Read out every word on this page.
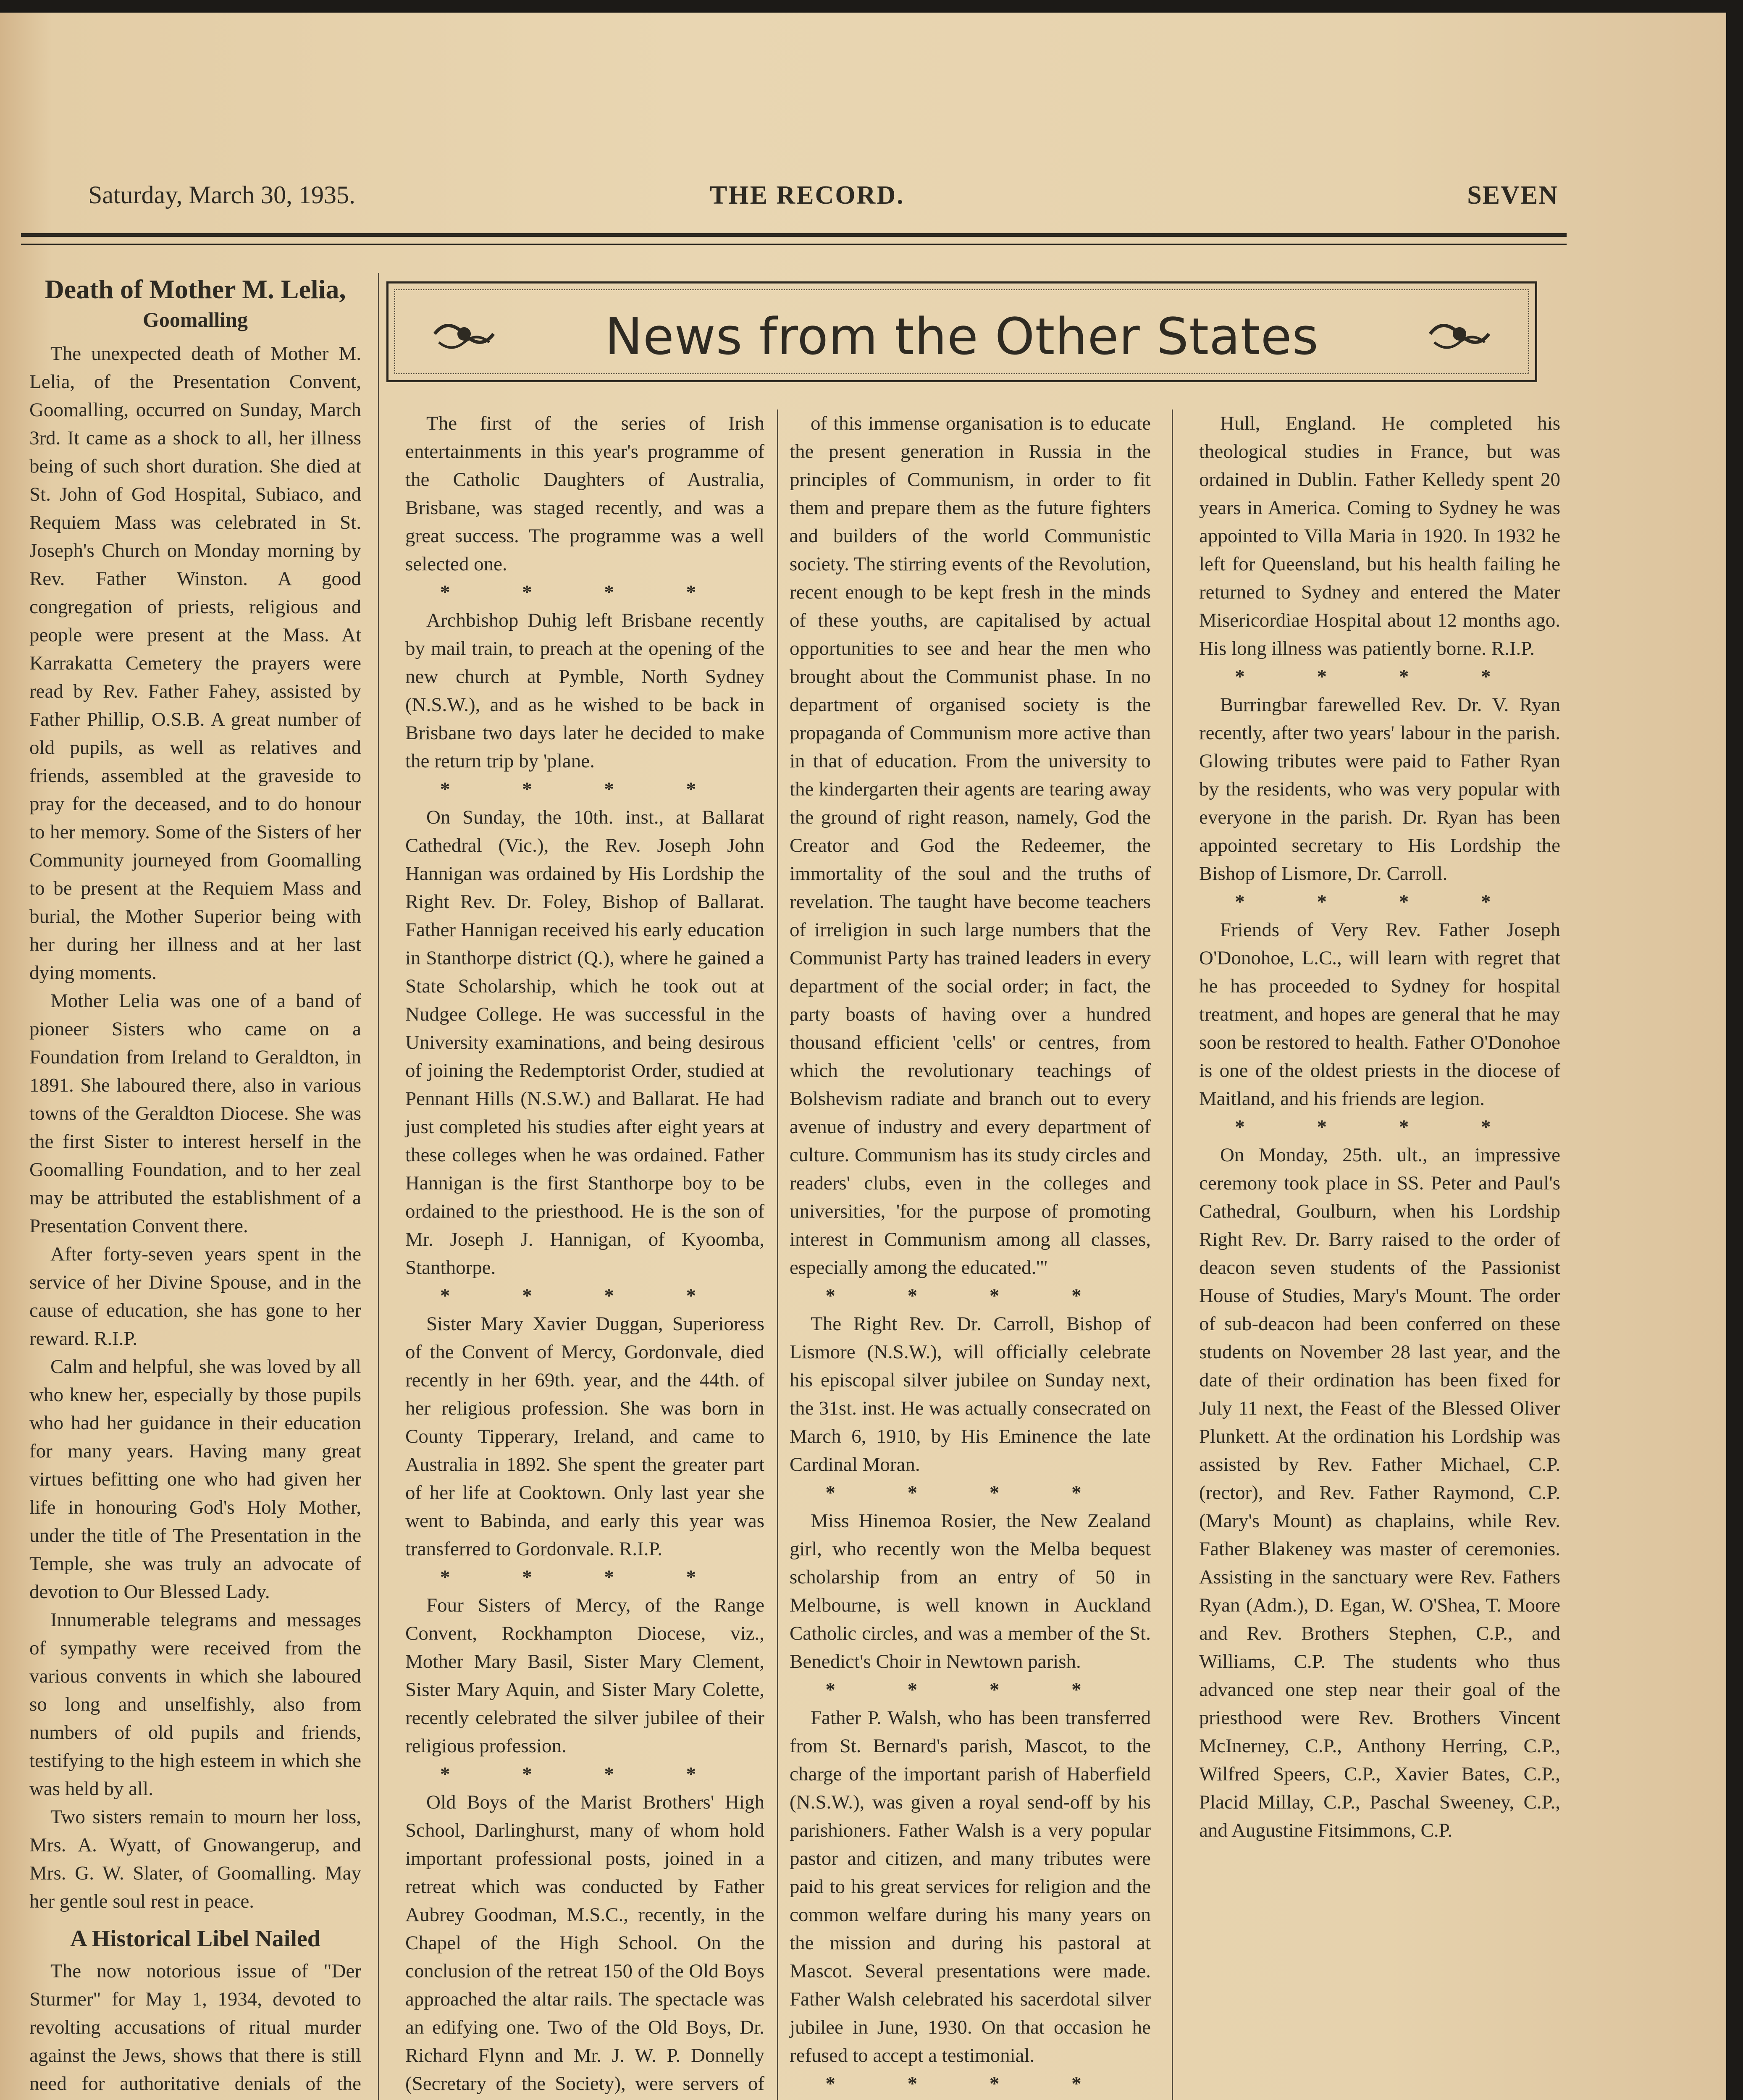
Saturday, March 30, 1935.	THE RECORD.	SEVEN
Death of Mother M. Lelia,
Goomalling

The unexpected death of Mother M. Lelia, of the Presentation Convent, Goomalling, occurred on Sunday, March 3rd. It came as a shock to all, her illness being of such short duration. She died at St. John of God Hospital, Subiaco, and Requiem Mass was celebrated in St. Joseph's Church on Monday morning by Rev. Father Winston. A good congregation of priests, religious and people were present at the Mass. At Karrakatta Cemetery the prayers were read by Rev. Father Fahey, assisted by Father Phillip, O.S.B. A great number of old pupils, as well as relatives and friends, assembled at the graveside to pray for the deceased, and to do honour to her memory. Some of the Sisters of her Community journeyed from Goomalling to be present at the Requiem Mass and burial, the Mother Superior being with her during her illness and at her last dying moments.

Mother Lelia was one of a band of pioneer Sisters who came on a Foundation from Ireland to Geraldton, in 1891. She laboured there, also in various towns of the Geraldton Diocese. She was the first Sister to interest herself in the Goomalling Foundation, and to her zeal may be attributed the establishment of a Presentation Convent there.

After forty-seven years spent in the service of her Divine Spouse, and in the cause of education, she has gone to her reward. R.I.P.

Calm and helpful, she was loved by all who knew her, especially by those pupils who had her guidance in their education for many years. Having many great virtues befitting one who had given her life in honouring God's Holy Mother, under the title of The Presentation in the Temple, she was truly an advocate of devotion to Our Blessed Lady.

Innumerable telegrams and messages of sympathy were received from the various convents in which she laboured so long and unselfishly, also from numbers of old pupils and friends, testifying to the high esteem in which she was held by all.

Two sisters remain to mourn her loss, Mrs. A. Wyatt, of Gnowangerup, and Mrs. G. W. Slater, of Goomalling. May her gentle soul rest in peace.

A Historical Libel Nailed

The now notorious issue of "Der Sturmer" for May 1, 1934, devoted to revolting accusations of ritual murder against the Jews, shows that there is still need for authoritative denials of the

News from the Other States

The first of the series of Irish entertainments in this year's programme of the Catholic Daughters of Australia, Brisbane, was staged recently, and was a great success. The programme was a well selected one.

* * * *

Archbishop Duhig left Brisbane recently by mail train, to preach at the opening of the new church at Pymble, North Sydney (N.S.W.), and as he wished to be back in Brisbane two days later he decided to make the return trip by 'plane.

* * * *

On Sunday, the 10th. inst., at Ballarat Cathedral (Vic.), the Rev. Joseph John Hannigan was ordained by His Lordship the Right Rev. Dr. Foley, Bishop of Ballarat. Father Hannigan received his early education in Stanthorpe district (Q.), where he gained a State Scholarship, which he took out at Nudgee College. He was successful in the University examinations, and being desirous of joining the Redemptorist Order, studied at Pennant Hills (N.S.W.) and Ballarat. He had just completed his studies after eight years at these colleges when he was ordained. Father Hannigan is the first Stanthorpe boy to be ordained to the priesthood. He is the son of Mr. Joseph J. Hannigan, of Kyoomba, Stanthorpe.

* * * *

Sister Mary Xavier Duggan, Superioress of the Convent of Mercy, Gordonvale, died recently in her 69th. year, and the 44th. of her religious profession. She was born in County Tipperary, Ireland, and came to Australia in 1892. She spent the greater part of her life at Cooktown. Only last year she went to Babinda, and early this year was transferred to Gordonvale. R.I.P.

* * * *

Four Sisters of Mercy, of the Range Convent, Rockhampton Diocese, viz., Mother Mary Basil, Sister Mary Clement, Sister Mary Aquin, and Sister Mary Colette, recently celebrated the silver jubilee of their religious profession.

* * * *

Old Boys of the Marist Brothers' High School, Darlinghurst, many of whom hold important professional posts, joined in a retreat which was conducted by Father Aubrey Goodman, M.S.C., recently, in the Chapel of the High School. On the conclusion of the retreat 150 of the Old Boys approached the altar rails. The spectacle was an edifying one. Two of the Old Boys, Dr. Richard Flynn and Mr. J. W. P. Donnelly (Secretary of the Society), were servers of

of this immense organisation is to educate the present generation in Russia in the principles of Communism, in order to fit them and prepare them as the future fighters and builders of the world Communistic society. The stirring events of the Revolution, recent enough to be kept fresh in the minds of these youths, are capitalised by actual opportunities to see and hear the men who brought about the Communist phase. In no department of organised society is the propaganda of Communism more active than in that of education. From the university to the kindergarten their agents are tearing away the ground of right reason, namely, God the Creator and God the Redeemer, the immortality of the soul and the truths of revelation. The taught have become teachers of irreligion in such large numbers that the Communist Party has trained leaders in every department of the social order; in fact, the party boasts of having over a hundred thousand efficient 'cells' or centres, from which the revolutionary teachings of Bolshevism radiate and branch out to every avenue of industry and every department of culture. Communism has its study circles and readers' clubs, even in the colleges and universities, 'for the purpose of promoting interest in Communism among all classes, especially among the educated.'"

* * * *

The Right Rev. Dr. Carroll, Bishop of Lismore (N.S.W.), will officially celebrate his episcopal silver jubilee on Sunday next, the 31st. inst. He was actually consecrated on March 6, 1910, by His Eminence the late Cardinal Moran.

* * * *

Miss Hinemoa Rosier, the New Zealand girl, who recently won the Melba bequest scholarship from an entry of 50 in Melbourne, is well known in Auckland Catholic circles, and was a member of the St. Benedict's Choir in Newtown parish.

* * * *

Father P. Walsh, who has been transferred from St. Bernard's parish, Mascot, to the charge of the important parish of Haberfield (N.S.W.), was given a royal send-off by his parishioners. Father Walsh is a very popular pastor and citizen, and many tributes were paid to his great services for religion and the common welfare during his many years on the mission and during his pastoral at Mascot. Several presentations were made. Father Walsh celebrated his sacerdotal silver jubilee in June, 1930. On that occasion he refused to accept a testimonial.

* * * *

Hull, England. He completed his theological studies in France, but was ordained in Dublin. Father Kelledy spent 20 years in America. Coming to Sydney he was appointed to Villa Maria in 1920. In 1932 he left for Queensland, but his health failing he returned to Sydney and entered the Mater Misericordiae Hospital about 12 months ago. His long illness was patiently borne. R.I.P.

* * * *

Burringbar farewelled Rev. Dr. V. Ryan recently, after two years' labour in the parish. Glowing tributes were paid to Father Ryan by the residents, who was very popular with everyone in the parish. Dr. Ryan has been appointed secretary to His Lordship the Bishop of Lismore, Dr. Carroll.

* * * *

Friends of Very Rev. Father Joseph O'Donohoe, L.C., will learn with regret that he has proceeded to Sydney for hospital treatment, and hopes are general that he may soon be restored to health. Father O'Donohoe is one of the oldest priests in the diocese of Maitland, and his friends are legion.

* * * *

On Monday, 25th. ult., an impressive ceremony took place in SS. Peter and Paul's Cathedral, Goulburn, when his Lordship Right Rev. Dr. Barry raised to the order of deacon seven students of the Passionist House of Studies, Mary's Mount. The order of sub-deacon had been conferred on these students on November 28 last year, and the date of their ordination has been fixed for July 11 next, the Feast of the Blessed Oliver Plunkett. At the ordination his Lordship was assisted by Rev. Father Michael, C.P. (rector), and Rev. Father Raymond, C.P. (Mary's Mount) as chaplains, while Rev. Father Blakeney was master of ceremonies. Assisting in the sanctuary were Rev. Fathers Ryan (Adm.), D. Egan, W. O'Shea, T. Moore and Rev. Brothers Stephen, C.P., and Williams, C.P. The students who thus advanced one step near their goal of the priesthood were Rev. Brothers Vincent McInerney, C.P., Anthony Herring, C.P., Wilfred Speers, C.P., Xavier Bates, C.P., Placid Millay, C.P., Paschal Sweeney, C.P., and Augustine Fitsimmons, C.P.
